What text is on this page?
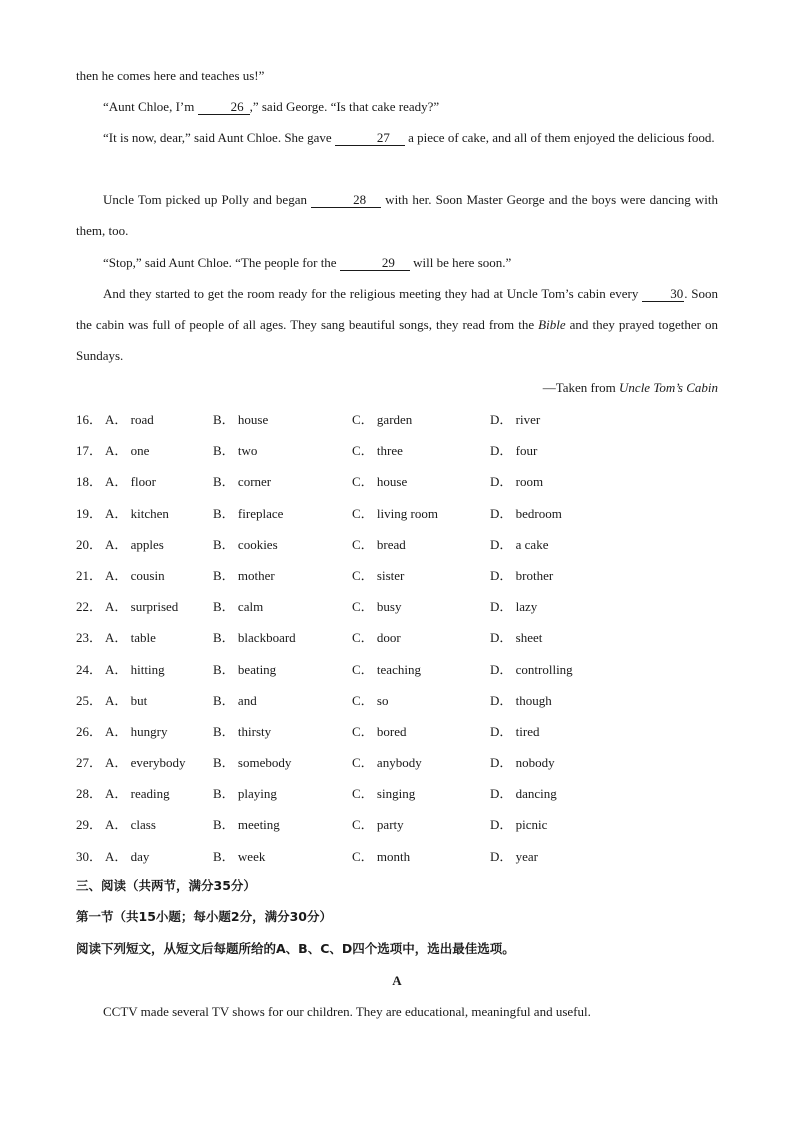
then he comes here and teaches us!”

“Aunt Chloe, I’m	26 ,” said George. “Is that cake ready?”

“It is now, dear,” said Aunt Chloe. She gave	27 a piece of cake, and all of them enjoyed the delicious food.

Uncle Tom picked up Polly and began	28 with her. Soon Master George and the boys were dancing with them, too.

“Stop,” said Aunt Chloe. “The people for the	29 will be here soon.”

And they started to get the room ready for the religious meeting they had at Uncle Tom’s cabin every 30. Soon the cabin was full of people of all ages. They sang beautiful songs, they read from the Bible and they prayed together on Sundays.

—Taken from Uncle Tom’s Cabin
16． A． road	B． house	C． garden	D． river
17． A． one	B． two	C． three	D． four
18． A． floor	B． corner	C． house	D． room
19． A． kitchen	B． fireplace	C． living room	D． bedroom
20． A． apples	B． cookies	C． bread	D． a cake
21． A． cousin	B． mother	C． sister	D． brother
22． A． surprised	B． calm	C． busy	D． lazy
23． A． table	B． blackboard	C． door	D． sheet
24． A． hitting	B． beating	C． teaching	D． controlling
25． A． but	B． and	C． so	D． though
26． A． hungry	B． thirsty	C． bored	D． tired
27． A． everybody B． somebody	C． anybody	D． nobody
28． A． reading	B． playing	C． singing	D． dancing
29． A． class	B． meeting	C． party	D． picnic
30． A． day	B． week	C． month	D． year
三、阅读（共两节，满分35分）
第一节（共15小题；每小题2分，满分30分）
阅读下列短文，从短文后每题所给的A、B、C、D四个选项中，选出最佳选项。
A

CCTV made several TV shows for our children. They are educational, meaningful and useful.
